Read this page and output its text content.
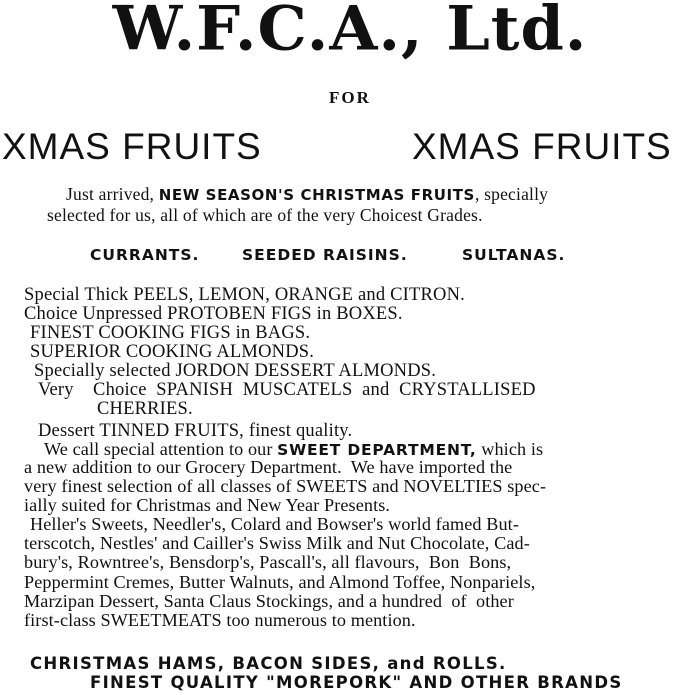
W.F.C.A., Ltd.
FOR
XMAS FRUITS	XMAS FRUITS
Just arrived, NEW SEASON'S CHRISTMAS FRUITS, specially
selected for us, all of which are of the very Choicest Grades.
CURRANTS.	SEEDED RAISINS.	SULTANAS.
Special Thick PEELS, LEMON, ORANGE and CITRON.
Choice Unpressed PROTOBEN FIGS in BOXES.
FINEST COOKING FIGS in BAGS.
SUPERIOR COOKING ALMONDS.
Specially selected JORDON DESSERT ALMONDS.
Very    Choice  SPANISH  MUSCATELS  and  CRYSTALLISED
CHERRIES.
Dessert TINNED FRUITS, finest quality.
We call special attention to our SWEET DEPARTMENT, which is
a new addition to our Grocery Department.  We have imported the
very finest selection of all classes of SWEETS and NOVELTIES spec-
ially suited for Christmas and New Year Presents.
Heller's Sweets, Needler's, Colard and Bowser's world famed But-
terscotch, Nestles' and Cailler's Swiss Milk and Nut Chocolate, Cad-
bury's, Rowntree's, Bensdorp's, Pascall's, all flavours,  Bon  Bons,
Peppermint Cremes, Butter Walnuts, and Almond Toffee, Nonpariels,
Marzipan Dessert, Santa Claus Stockings, and a hundred  of  other
first-class SWEETMEATS too numerous to mention.
CHRISTMAS HAMS, BACON SIDES, and ROLLS.
FINEST QUALITY "MOREPORK" AND OTHER BRANDS
